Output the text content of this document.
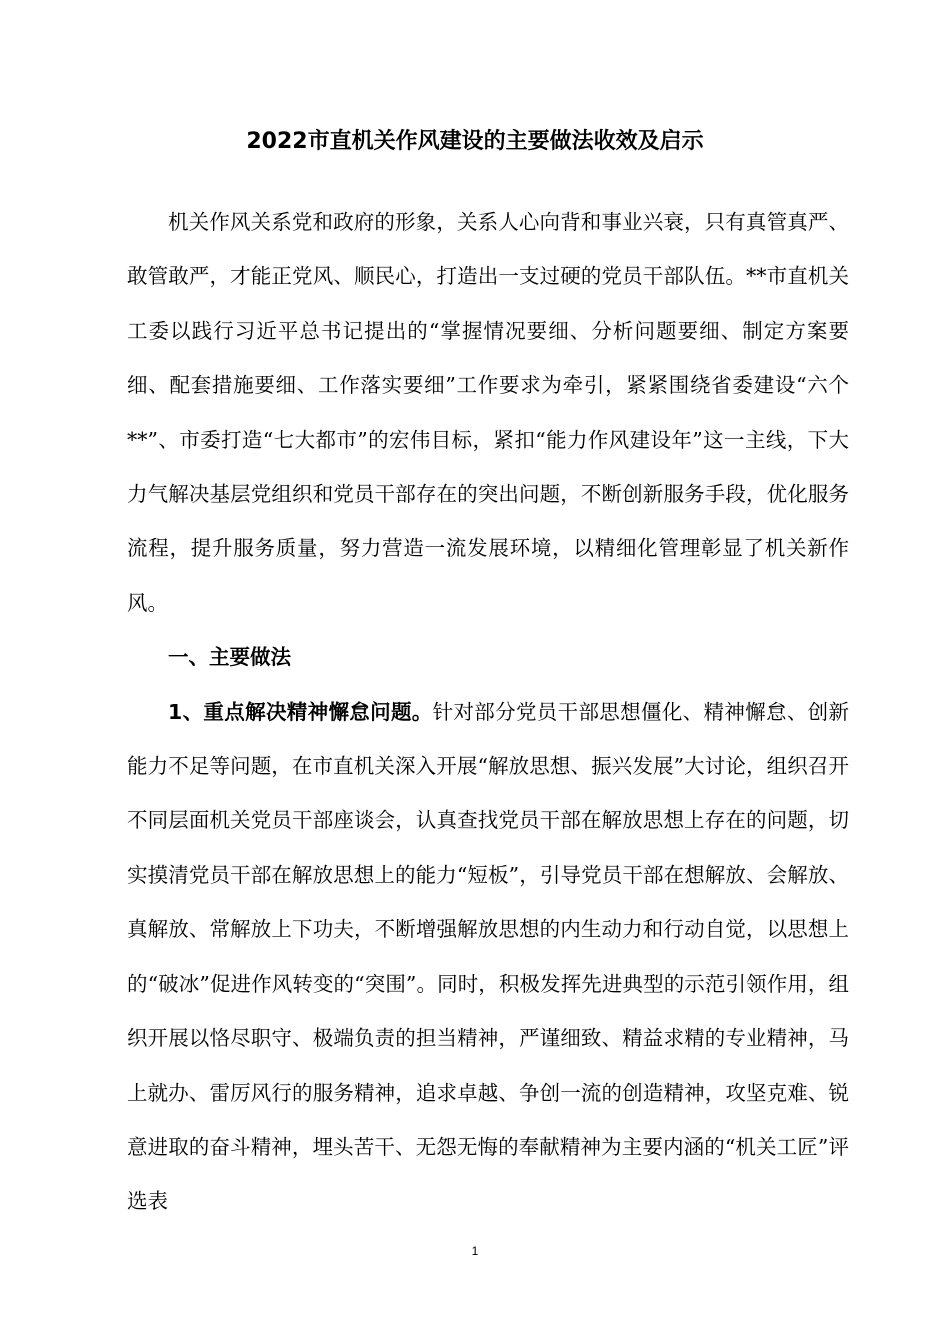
2022市直机关作风建设的主要做法收效及启示

机关作风关系党和政府的形象，关系人心向背和事业兴衰，只有真管真严、敢管敢严，才能正党风、顺民心，打造出一支过硬的党员干部队伍。**市直机关工委以践行习近平总书记提出的“掌握情况要细、分析问题要细、制定方案要细、配套措施要细、工作落实要细”工作要求为牵引，紧紧围绕省委建设“六个**”、市委打造“七大都市”的宏伟目标，紧扣“能力作风建设年”这一主线，下大力气解决基层党组织和党员干部存在的突出问题，不断创新服务手段，优化服务流程，提升服务质量，努力营造一流发展环境，以精细化管理彰显了机关新作风。

一、主要做法

1、重点解决精神懈怠问题。针对部分党员干部思想僵化、精神懈怠、创新能力不足等问题，在市直机关深入开展“解放思想、振兴发展”大讨论，组织召开不同层面机关党员干部座谈会，认真查找党员干部在解放思想上存在的问题，切实摸清党员干部在解放思想上的能力“短板”，引导党员干部在想解放、会解放、真解放、常解放上下功夫，不断增强解放思想的内生动力和行动自觉，以思想上的“破冰”促进作风转变的“突围”。同时，积极发挥先进典型的示范引领作用，组织开展以恪尽职守、极端负责的担当精神，严谨细致、精益求精的专业精神，马上就办、雷厉风行的服务精神，追求卓越、争创一流的创造精神，攻坚克难、锐意进取的奋斗精神，埋头苦干、无怨无悔的奉献精神为主要内涵的“机关工匠”评选表

1
